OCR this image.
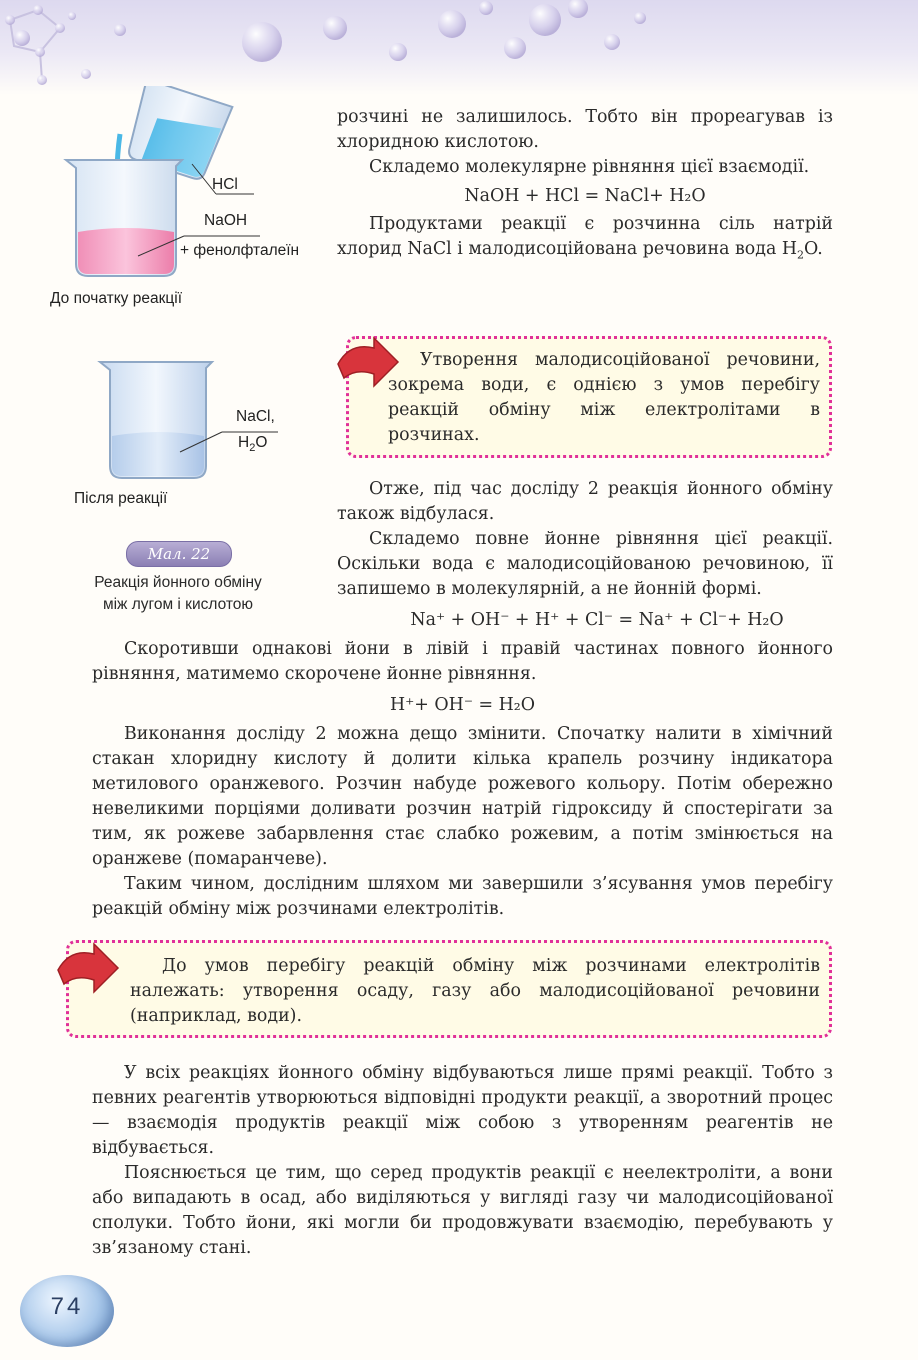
HCl
NaOH
+ фенолфталеїн
До початку реакції
NaCl,
$H_2O$
Після реакції
Мал. 22
Реакція йонного обміну
між лугом і кислотою

розчині не залишилось. Тобто він прореагував із хлоридною кислотою.

Складемо молекулярне рівняння цієї взаємодії.

NaOH + HCl = NaCl+ H₂O

Продуктами реакції є розчинна сіль натрій хлорид NaCl і малодисоційована речовина вода $H_2O$.

Утворення малодисоційованої речовини, зокрема води, є однією з умов перебігу реакцій обміну між електролітами в розчинах.

Отже, під час досліду 2 реакція йонного обміну також відбулася.

Складемо повне йонне рівняння цієї реакції. Оскільки вода є малодисоційованою речовиною, її запишемо в молекулярній, а не йонній формі.

Na⁺ + OH⁻ + H⁺ + Cl⁻ = Na⁺ + Cl⁻+ H₂O

Скоротивши однакові йони в лівій і правій частинах повного йонного рівняння, матимемо скорочене йонне рівняння.

H⁺+ OH⁻ = H₂O

Виконання досліду 2 можна дещо змінити. Спочатку налити в хімічний стакан хлоридну кислоту й долити кілька крапель розчину індикатора метилового оранжевого. Розчин набуде рожевого кольору. Потім обережно невеликими порціями доливати розчин натрій гідроксиду й спостерігати за тим, як рожеве забарвлення стає слабко рожевим, а потім змінюється на оранжеве (помаранчеве).

Таким чином, дослідним шляхом ми завершили з’ясування умов перебігу реакцій обміну між розчинами електролітів.

До умов перебігу реакцій обміну між розчинами електролітів належать: утворення осаду, газу або малодисоційованої речовини (наприклад, води).

У всіх реакціях йонного обміну відбуваються лише прямі реакції. Тобто з певних реагентів утворюються відповідні продукти реакції, а зворотний процес — взаємодія продуктів реакції між собою з утворенням реагентів не відбувається.

Пояснюється це тим, що серед продуктів реакції є неелектроліти, а вони або випадають в осад, або виділяються у вигляді газу чи малодисоційованої сполуки. Тобто йони, які могли би продовжувати взаємодію, перебувають у зв’язаному стані.

74
